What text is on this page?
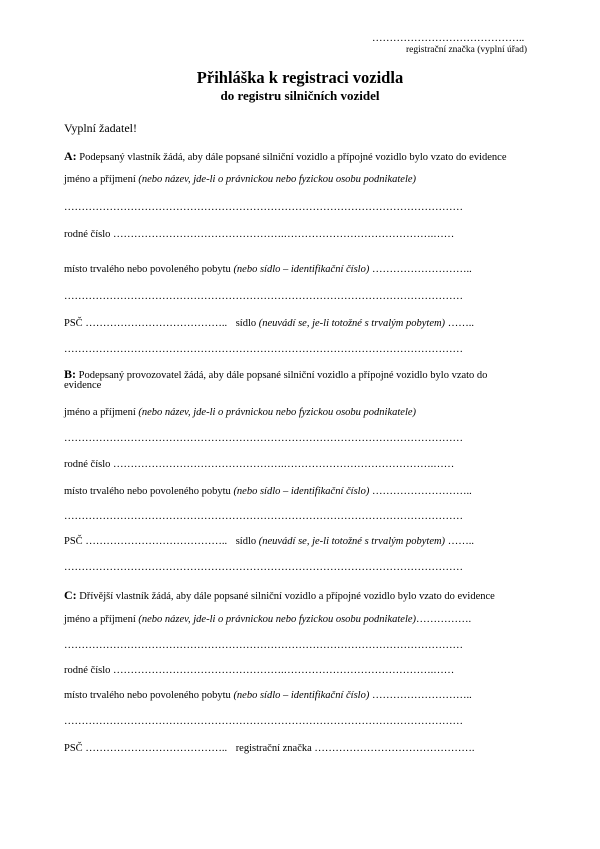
……………………………………..
registrační značka (vyplní úřad)
Přihláška k registraci vozidla
do registru silničních vozidel
Vyplní žadatel!
A: Podepsaný vlastník žádá, aby dále popsané silniční vozidlo a přípojné vozidlo bylo vzato do evidence
jméno a příjmení (nebo název, jde-li o právnickou nebo fyzickou osobu podnikatele)
……………………………………………………………………………………………………
rodné číslo ………………………………………….…………………………………….……
místo trvalého nebo povoleného pobytu (nebo sídlo – identifikační číslo) ………………………..
……………………………………………………………………………………………………
PSČ ………………………………….. sídlo (neuvádí se, je-li totožné s trvalým pobytem) ……..
……………………………………………………………………………………………………
B: Podepsaný provozovatel žádá, aby dále popsané silniční vozidlo a přípojné vozidlo bylo vzato do
evidence
jméno a příjmení (nebo název, jde-li o právnickou nebo fyzickou osobu podnikatele)
……………………………………………………………………………………………………
rodné číslo ………………………………………….…………………………………….……
místo trvalého nebo povoleného pobytu (nebo sídlo – identifikační číslo) ………………………..
……………………………………………………………………………………………………
PSČ ………………………………….. sídlo (neuvádí se, je-li totožné s trvalým pobytem) ……..
……………………………………………………………………………………………………
C: Dřívější vlastník žádá, aby dále popsané silniční vozidlo a přípojné vozidlo bylo vzato do evidence
jméno a příjmení (nebo název, jde-li o právnickou nebo fyzickou osobu podnikatele)…………….
……………………………………………………………………………………………………
rodné číslo ………………………………………….…………………………………….……
místo trvalého nebo povoleného pobytu (nebo sídlo – identifikační číslo) ………………………..
……………………………………………………………………………………………………
PSČ ………………………………….. registrační značka ……………………………………….
